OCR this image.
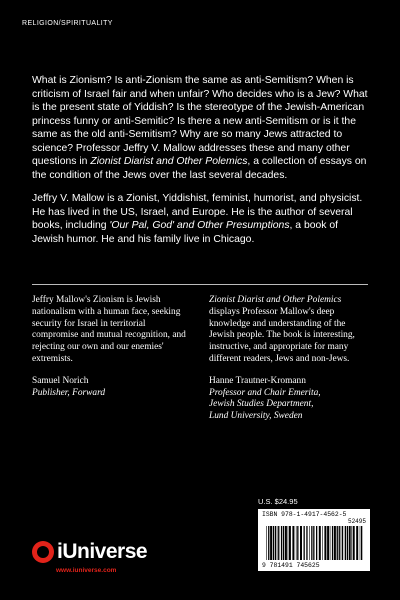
RELIGION/SPIRITUALITY

What is Zionism? Is anti-Zionism the same as anti-Semitism? When is criticism of Israel fair and when unfair? Who decides who is a Jew? What is the present state of Yiddish? Is the stereotype of the Jewish-American princess funny or anti-Semitic? Is there a new anti-Semitism or is it the same as the old anti-Semitism? Why are so many Jews attracted to science? Professor Jeffry V. Mallow addresses these and many other questions in Zionist Diarist and Other Polemics, a collection of essays on the condition of the Jews over the last several decades.

Jeffry V. Mallow is a Zionist, Yiddishist, feminist, humorist, and physicist. He has lived in the US, Israel, and Europe. He is the author of several books, including 'Our Pal, God' and Other Presumptions, a book of Jewish humor. He and his family live in Chicago.

Jeffry Mallow's Zionism is Jewish nationalism with a human face, seeking security for Israel in territorial compromise and mutual recognition, and rejecting our own and our enemies' extremists.

Samuel Norich
Publisher, Forward

Zionist Diarist and Other Polemics displays Professor Mallow's deep knowledge and understanding of the Jewish people. The book is interesting, instructive, and appropriate for many different readers, Jews and non-Jews.

Hanne Trautner-Kromann
Professor and Chair Emerita,
Jewish Studies Department,
Lund University, Sweden

U.S. $24.95
ISBN 978-1-4917-4562-5
52495
9 781491 745625
iUniverse
www.iuniverse.com
